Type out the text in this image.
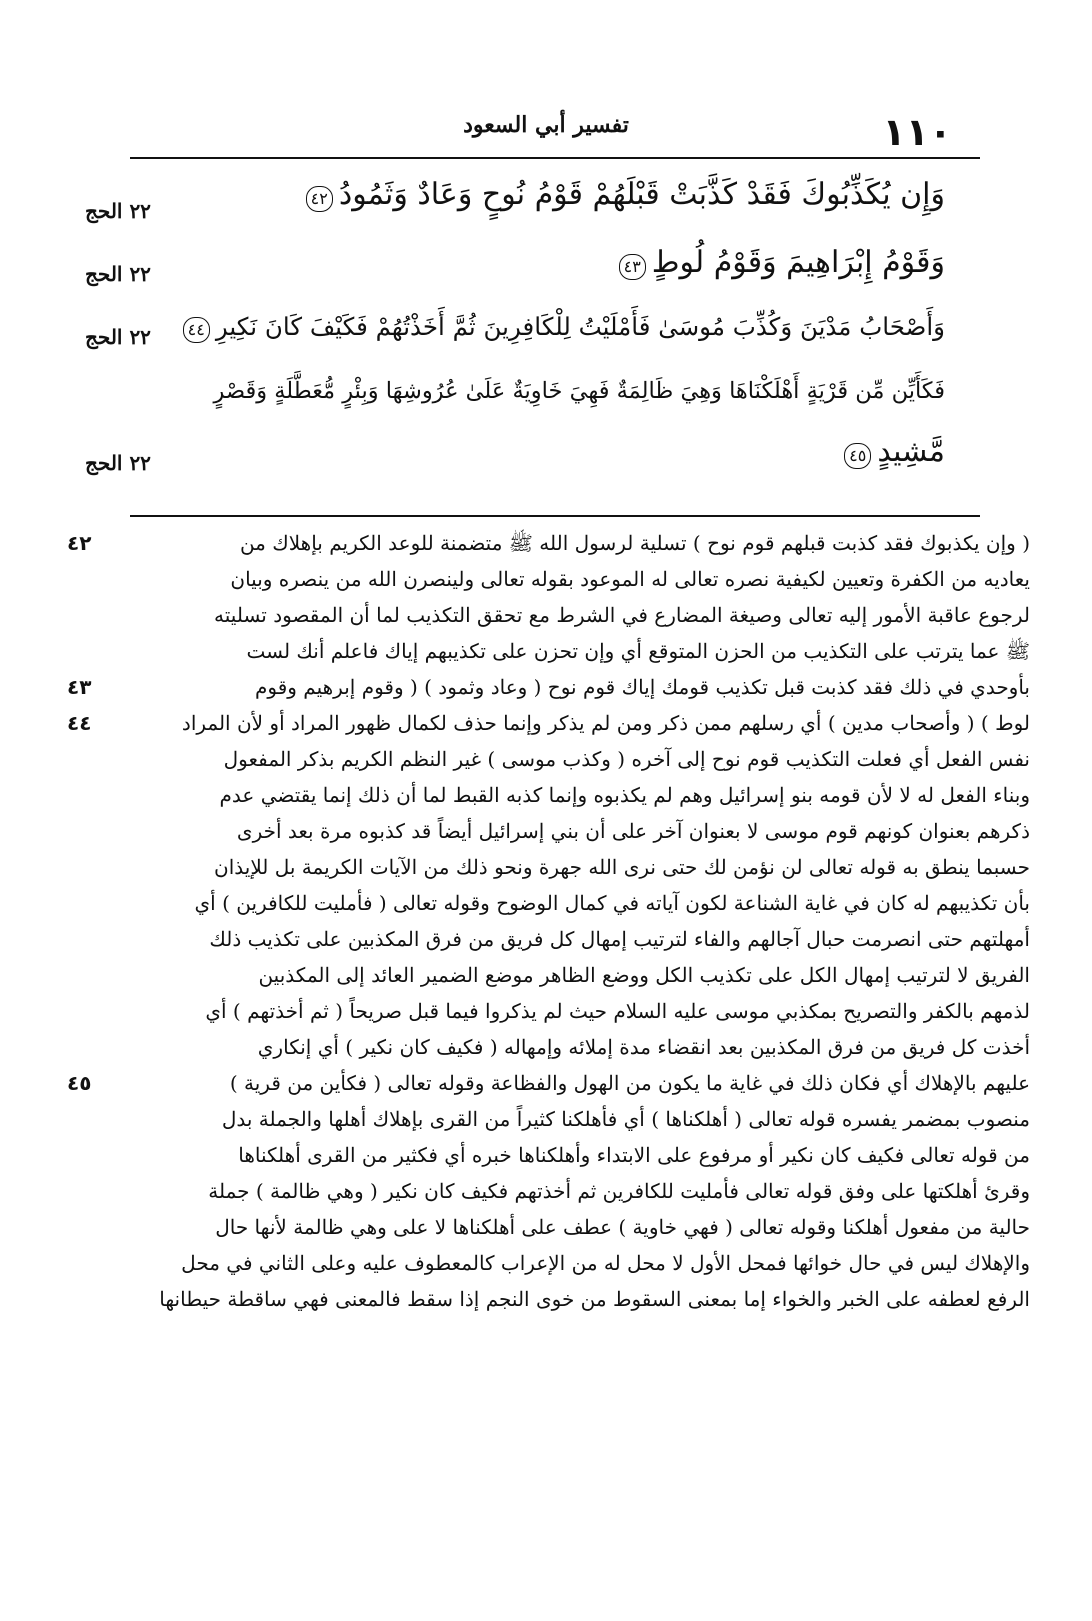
١١٠
تفسير أبي السعود
وَإِن يُكَذِّبُوكَ فَقَدْ كَذَّبَتْ قَبْلَهُمْ قَوْمُ نُوحٍ وَعَادٌ وَثَمُودُ٤٢
٢٢ الحج
وَقَوْمُ إِبْرَاهِيمَ وَقَوْمُ لُوطٍ٤٣
٢٢ الحج
وَأَصْحَابُ مَدْيَنَ وَكُذِّبَ مُوسَىٰ فَأَمْلَيْتُ لِلْكَافِرِينَ ثُمَّ أَخَذْتُهُمْ فَكَيْفَ كَانَ نَكِيرِ٤٤
٢٢ الحج
فَكَأَيِّن مِّن قَرْيَةٍ أَهْلَكْنَاهَا وَهِيَ ظَالِمَةٌ فَهِيَ خَاوِيَةٌ عَلَىٰ عُرُوشِهَا وَبِئْرٍ مُّعَطَّلَةٍ وَقَصْرٍ
مَّشِيدٍ٤٥
٢٢ الحج
( وإن يكذبوك فقد كذبت قبلهم قوم نوح ) تسلية لرسول الله ﷺ متضمنة للوعد الكريم بإهلاك من
٤٢
يعاديه من الكفرة وتعيين لكيفية نصره تعالى له الموعود بقوله تعالى ولينصرن الله من ينصره وبيان
لرجوع عاقبة الأمور إليه تعالى وصيغة المضارع في الشرط مع تحقق التكذيب لما أن المقصود تسليته
ﷺ عما يترتب على التكذيب من الحزن المتوقع أي وإن تحزن على تكذيبهم إياك فاعلم أنك لست
بأوحدي في ذلك فقد كذبت قبل تكذيب قومك إياك قوم نوح ( وعاد وثمود ) ( وقوم إبرهيم وقوم
٤٣
لوط ) ( وأصحاب مدين ) أي رسلهم ممن ذكر ومن لم يذكر وإنما حذف لكمال ظهور المراد أو لأن المراد
٤٤
نفس الفعل أي فعلت التكذيب قوم نوح إلى آخره ( وكذب موسى ) غير النظم الكريم بذكر المفعول
وبناء الفعل له لا لأن قومه بنو إسرائيل وهم لم يكذبوه وإنما كذبه القبط لما أن ذلك إنما يقتضي عدم
ذكرهم بعنوان كونهم قوم موسى لا بعنوان آخر على أن بني إسرائيل أيضاً قد كذبوه مرة بعد أخرى
حسبما ينطق به قوله تعالى لن نؤمن لك حتى نرى الله جهرة ونحو ذلك من الآيات الكريمة بل للإيذان
بأن تكذيبهم له كان في غاية الشناعة لكون آياته في كمال الوضوح وقوله تعالى ( فأمليت للكافرين ) أي
أمهلتهم حتى انصرمت حبال آجالهم والفاء لترتيب إمهال كل فريق من فرق المكذبين على تكذيب ذلك
الفريق لا لترتيب إمهال الكل على تكذيب الكل ووضع الظاهر موضع الضمير العائد إلى المكذبين
لذمهم بالكفر والتصريح بمكذبي موسى عليه السلام حيث لم يذكروا فيما قبل صريحاً ( ثم أخذتهم ) أي
أخذت كل فريق من فرق المكذبين بعد انقضاء مدة إملائه وإمهاله ( فكيف كان نكير ) أي إنكاري
عليهم بالإهلاك أي فكان ذلك في غاية ما يكون من الهول والفظاعة وقوله تعالى ( فكأين من قرية )
٤٥
منصوب بمضمر يفسره قوله تعالى ( أهلكناها ) أي فأهلكنا كثيراً من القرى بإهلاك أهلها والجملة بدل
من قوله تعالى فكيف كان نكير أو مرفوع على الابتداء وأهلكناها خبره أي فكثير من القرى أهلكناها
وقرئ أهلكتها على وفق قوله تعالى فأمليت للكافرين ثم أخذتهم فكيف كان نكير ( وهي ظالمة ) جملة
حالية من مفعول أهلكنا وقوله تعالى ( فهي خاوية ) عطف على أهلكناها لا على وهي ظالمة لأنها حال
والإهلاك ليس في حال خوائها فمحل الأول لا محل له من الإعراب كالمعطوف عليه وعلى الثاني في محل
الرفع لعطفه على الخبر والخواء إما بمعنى السقوط من خوى النجم إذا سقط فالمعنى فهي ساقطة حيطانها
